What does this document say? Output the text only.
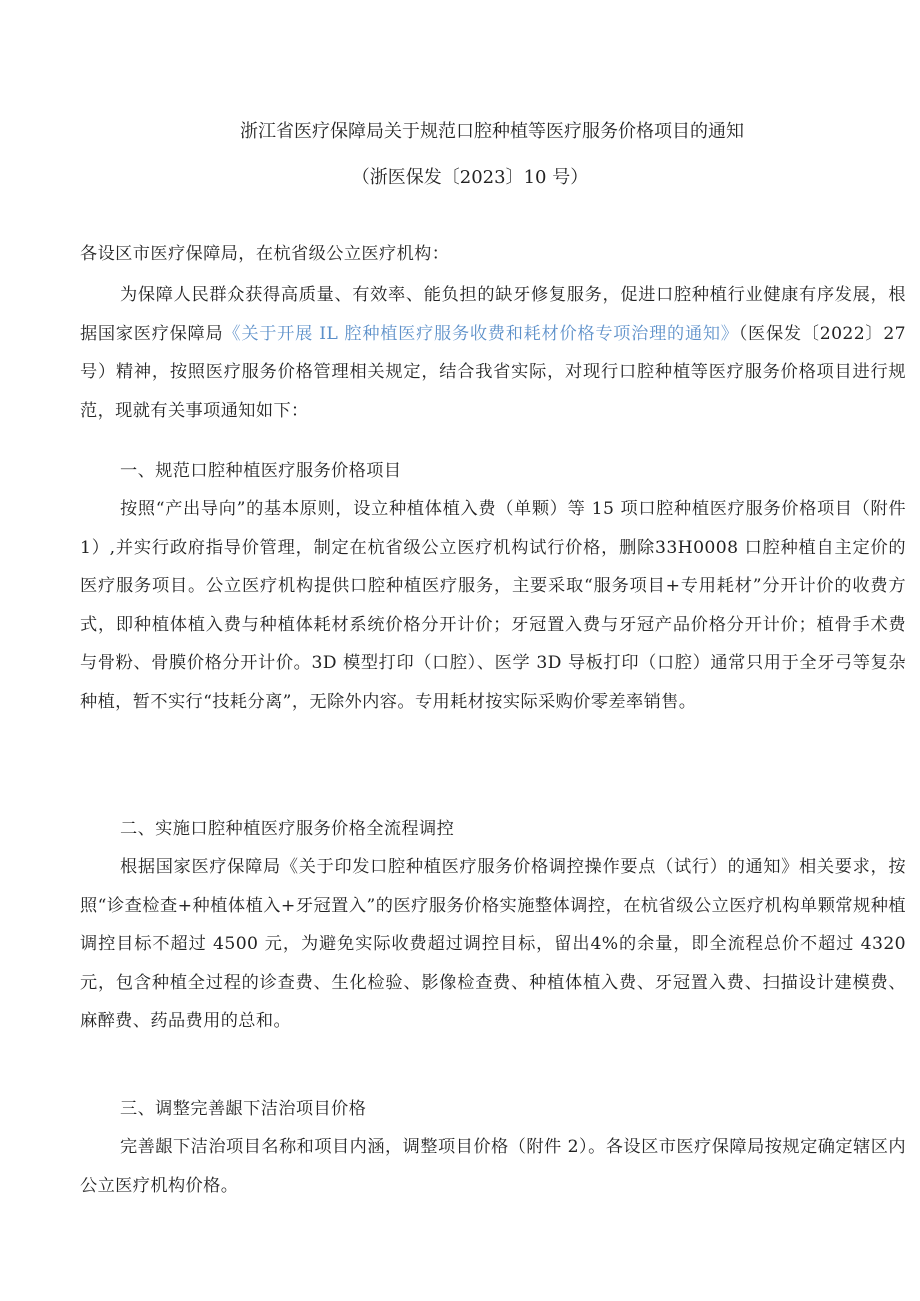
浙江省医疗保障局关于规范口腔种植等医疗服务价格项目的通知
（浙医保发〔2023〕10 号）

各设区市医疗保障局，在杭省级公立医疗机构：

为保障人民群众获得高质量、有效率、能负担的缺牙修复服务，促进口腔种植行业健康有序发展，根据国家医疗保障局《关于开展 IL 腔种植医疗服务收费和耗材价格专项治理的通知》（医保发〔2022〕27 号）精神，按照医疗服务价格管理相关规定，结合我省实际，对现行口腔种植等医疗服务价格项目进行规范，现就有关事项通知如下：

一、规范口腔种植医疗服务价格项目

按照“产出导向”的基本原则，设立种植体植入费（单颗）等 15 项口腔种植医疗服务价格项目（附件 1）,并实行政府指导价管理，制定在杭省级公立医疗机构试行价格，删除33H0008 口腔种植自主定价的医疗服务项目。公立医疗机构提供口腔种植医疗服务，主要采取“服务项目+专用耗材”分开计价的收费方式，即种植体植入费与种植体耗材系统价格分开计价；牙冠置入费与牙冠产品价格分开计价；植骨手术费与骨粉、骨膜价格分开计价。3D 模型打印（口腔）、医学 3D 导板打印（口腔）通常只用于全牙弓等复杂种植，暂不实行“技耗分离”，无除外内容。专用耗材按实际采购价零差率销售。

二、实施口腔种植医疗服务价格全流程调控

根据国家医疗保障局《关于印发口腔种植医疗服务价格调控操作要点（试行）的通知》相关要求，按照“诊查检查+种植体植入+牙冠置入”的医疗服务价格实施整体调控，在杭省级公立医疗机构单颗常规种植调控目标不超过 4500 元，为避免实际收费超过调控目标，留出4%的余量，即全流程总价不超过 4320 元，包含种植全过程的诊查费、生化检验、影像检查费、种植体植入费、牙冠置入费、扫描设计建模费、麻醉费、药品费用的总和。

三、调整完善龈下洁治项目价格

完善龈下洁治项目名称和项目内涵，调整项目价格（附件 2）。各设区市医疗保障局按规定确定辖区内公立医疗机构价格。
